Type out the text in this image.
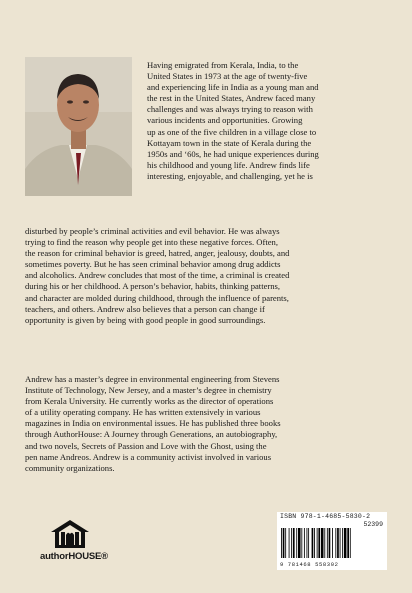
Having emigrated from Kerala, India, to the
United States in 1973 at the age of twenty-five
and experiencing life in India as a young man and
the rest in the United States, Andrew faced many
challenges and was always trying to reason with
various incidents and opportunities. Growing
up as one of the five children in a village close to
Kottayam town in the state of Kerala during the
1950s and ‘60s, he had unique experiences during
his childhood and young life. Andrew finds life
interesting, enjoyable, and challenging, yet he is
disturbed by people’s criminal activities and evil behavior. He was always
trying to find the reason why people get into these negative forces. Often,
the reason for criminal behavior is greed, hatred, anger, jealousy, doubts, and
sometimes poverty. But he has seen criminal behavior among drug addicts
and alcoholics. Andrew concludes that most of the time, a criminal is created
during his or her childhood. A person’s behavior, habits, thinking patterns,
and character are molded during childhood, through the influence of parents,
teachers, and others. Andrew also believes that a person can change if
opportunity is given by being with good people in good surroundings.
Andrew has a master’s degree in environmental engineering from Stevens
Institute of Technology, New Jersey, and a master’s degree in chemistry
from Kerala University. He currently works as the director of operations
of a utility operating company. He has written extensively in various
magazines in India on environmental issues. He has published three books
through AuthorHouse: A Journey through Generations, an autobiography,
and two novels, Secrets of Passion and Love with the Ghost, using the
pen name Andreos. Andrew is a community activist involved in various
community organizations.
authorHOUSE®
ISBN 978-1-4685-5830-2
52399
9 781468 558302
